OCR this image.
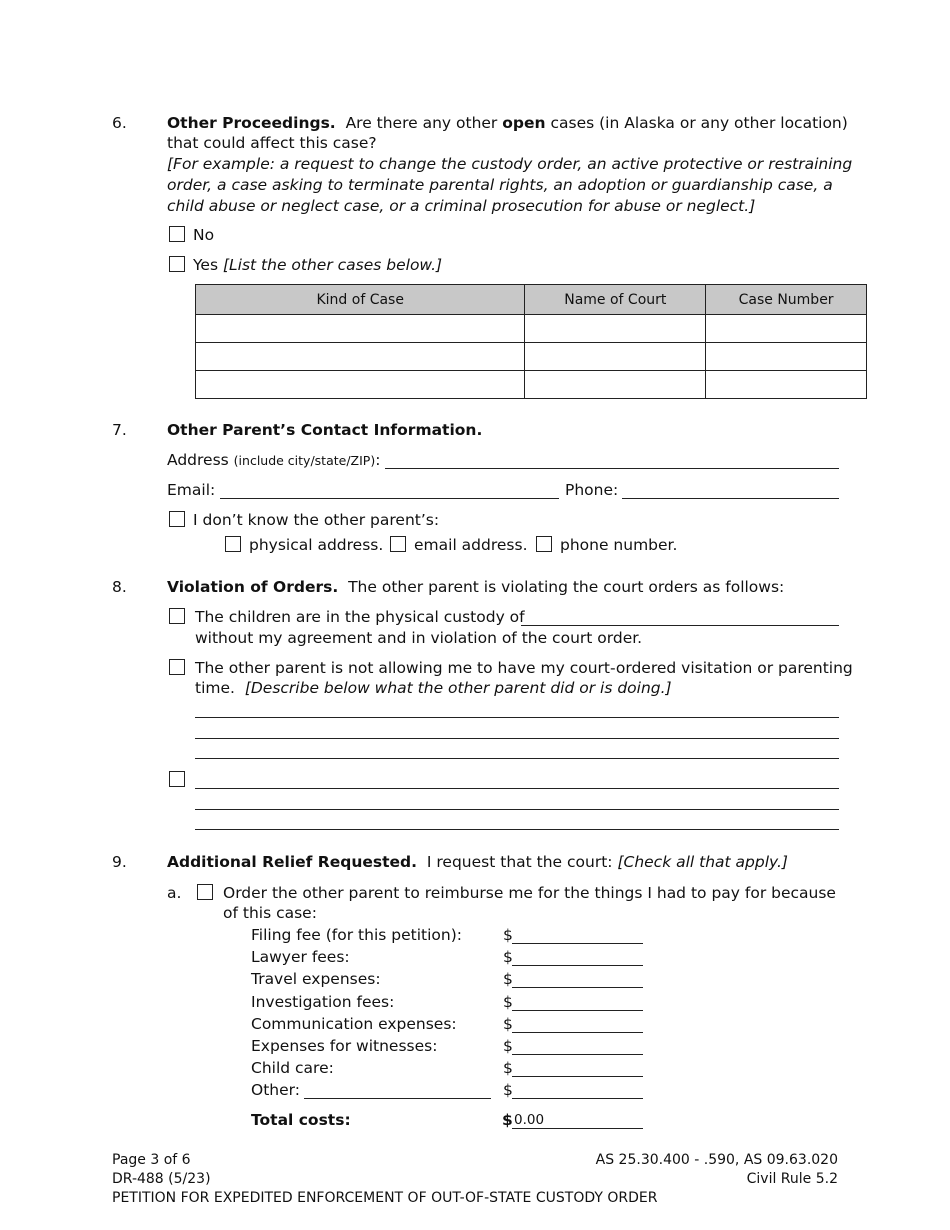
6.	Other Proceedings. Are there any other open cases (in Alaska or any other location)
that could affect this case?
[For example: a request to change the custody order, an active protective or restraining
order, a case asking to terminate parental rights, an adoption or guardianship case, a
child abuse or neglect case, or a criminal prosecution for abuse or neglect.]
No
Yes [List the other cases below.]
Kind of Case	Name of Court	Case Number

7.	Other Parent’s Contact Information.
Address (include city/state/ZIP):
Email:	Phone:
I don’t know the other parent’s:
physical address. email address. phone number.
8.	Violation of Orders. The other parent is violating the court orders as follows:
The children are in the physical custody of
without my agreement and in violation of the court order.
The other parent is not allowing me to have my court-ordered visitation or parenting
time. [Describe below what the other parent did or is doing.]
9.	Additional Relief Requested. I request that the court: [Check all that apply.]
a.	Order the other parent to reimburse me for the things I had to pay for because
of this case:
Filing fee (for this petition):	$
Lawyer fees:	$
Travel expenses:	$
Investigation fees:	$
Communication expenses:	$
Expenses for witnesses:	$
Child care:	$
Other:	$
Total costs:	$ 0.00
Page 3 of 6
DR-488 (5/23)
PETITION FOR EXPEDITED ENFORCEMENT OF OUT-OF-STATE CUSTODY ORDER
AS 25.30.400 - .590, AS 09.63.020
Civil Rule 5.2
